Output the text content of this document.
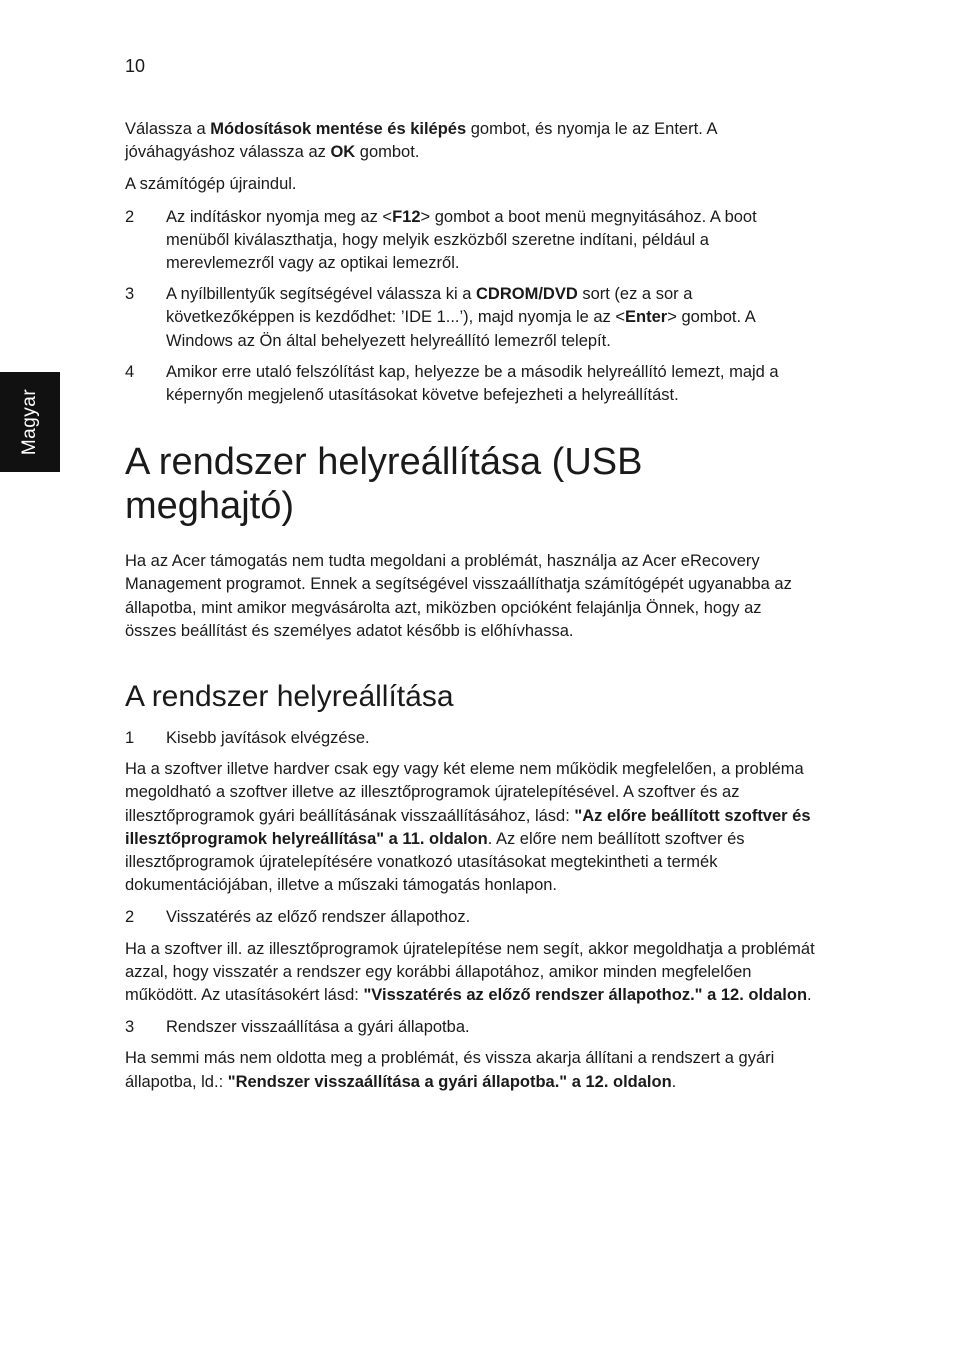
10
Magyar

Válassza a Módosítások mentése és kilépés gombot, és nyomja le az Entert. A jóváhagyáshoz válassza az OK gombot.

A számítógép újraindul.

2	Az indításkor nyomja meg az <F12> gombot a boot menü megnyitásához. A boot menüből kiválaszthatja, hogy melyik eszközből szeretne indítani, például a merevlemezről vagy az optikai lemezről.
3	A nyílbillentyűk segítségével válassza ki a CDROM/DVD sort (ez a sor a következőképpen is kezdődhet: ’IDE 1...’), majd nyomja le az <Enter> gombot. A Windows az Ön által behelyezett helyreállító lemezről telepít.
4	Amikor erre utaló felszólítást kap, helyezze be a második helyreállító lemezt, majd a képernyőn megjelenő utasításokat követve befejezheti a helyreállítást.
A rendszer helyreállítása (USB meghajtó)

Ha az Acer támogatás nem tudta megoldani a problémát, használja az Acer eRecovery Management programot. Ennek a segítségével visszaállíthatja számítógépét ugyanabba az állapotba, mint amikor megvásárolta azt, miközben opcióként felajánlja Önnek, hogy az összes beállítást és személyes adatot később is előhívhassa.

A rendszer helyreállítása
1	Kisebb javítások elvégzése.

Ha a szoftver illetve hardver csak egy vagy két eleme nem működik megfelelően, a probléma megoldható a szoftver illetve az illesztőprogramok újratelepítésével. A szoftver és az illesztőprogramok gyári beállításának visszaállításához, lásd: "Az előre beállított szoftver és illesztőprogramok helyreállítása" a 11. oldalon. Az előre nem beállított szoftver és illesztőprogramok újratelepítésére vonatkozó utasításokat megtekintheti a termék dokumentációjában, illetve a műszaki támogatás honlapon.

2	Visszatérés az előző rendszer állapothoz.

Ha a szoftver ill. az illesztőprogramok újratelepítése nem segít, akkor megoldhatja a problémát azzal, hogy visszatér a rendszer egy korábbi állapotához, amikor minden megfelelően működött. Az utasításokért lásd: "Visszatérés az előző rendszer állapothoz." a 12. oldalon.

3	Rendszer visszaállítása a gyári állapotba.

Ha semmi más nem oldotta meg a problémát, és vissza akarja állítani a rendszert a gyári állapotba, ld.: "Rendszer visszaállítása a gyári állapotba." a 12. oldalon.
